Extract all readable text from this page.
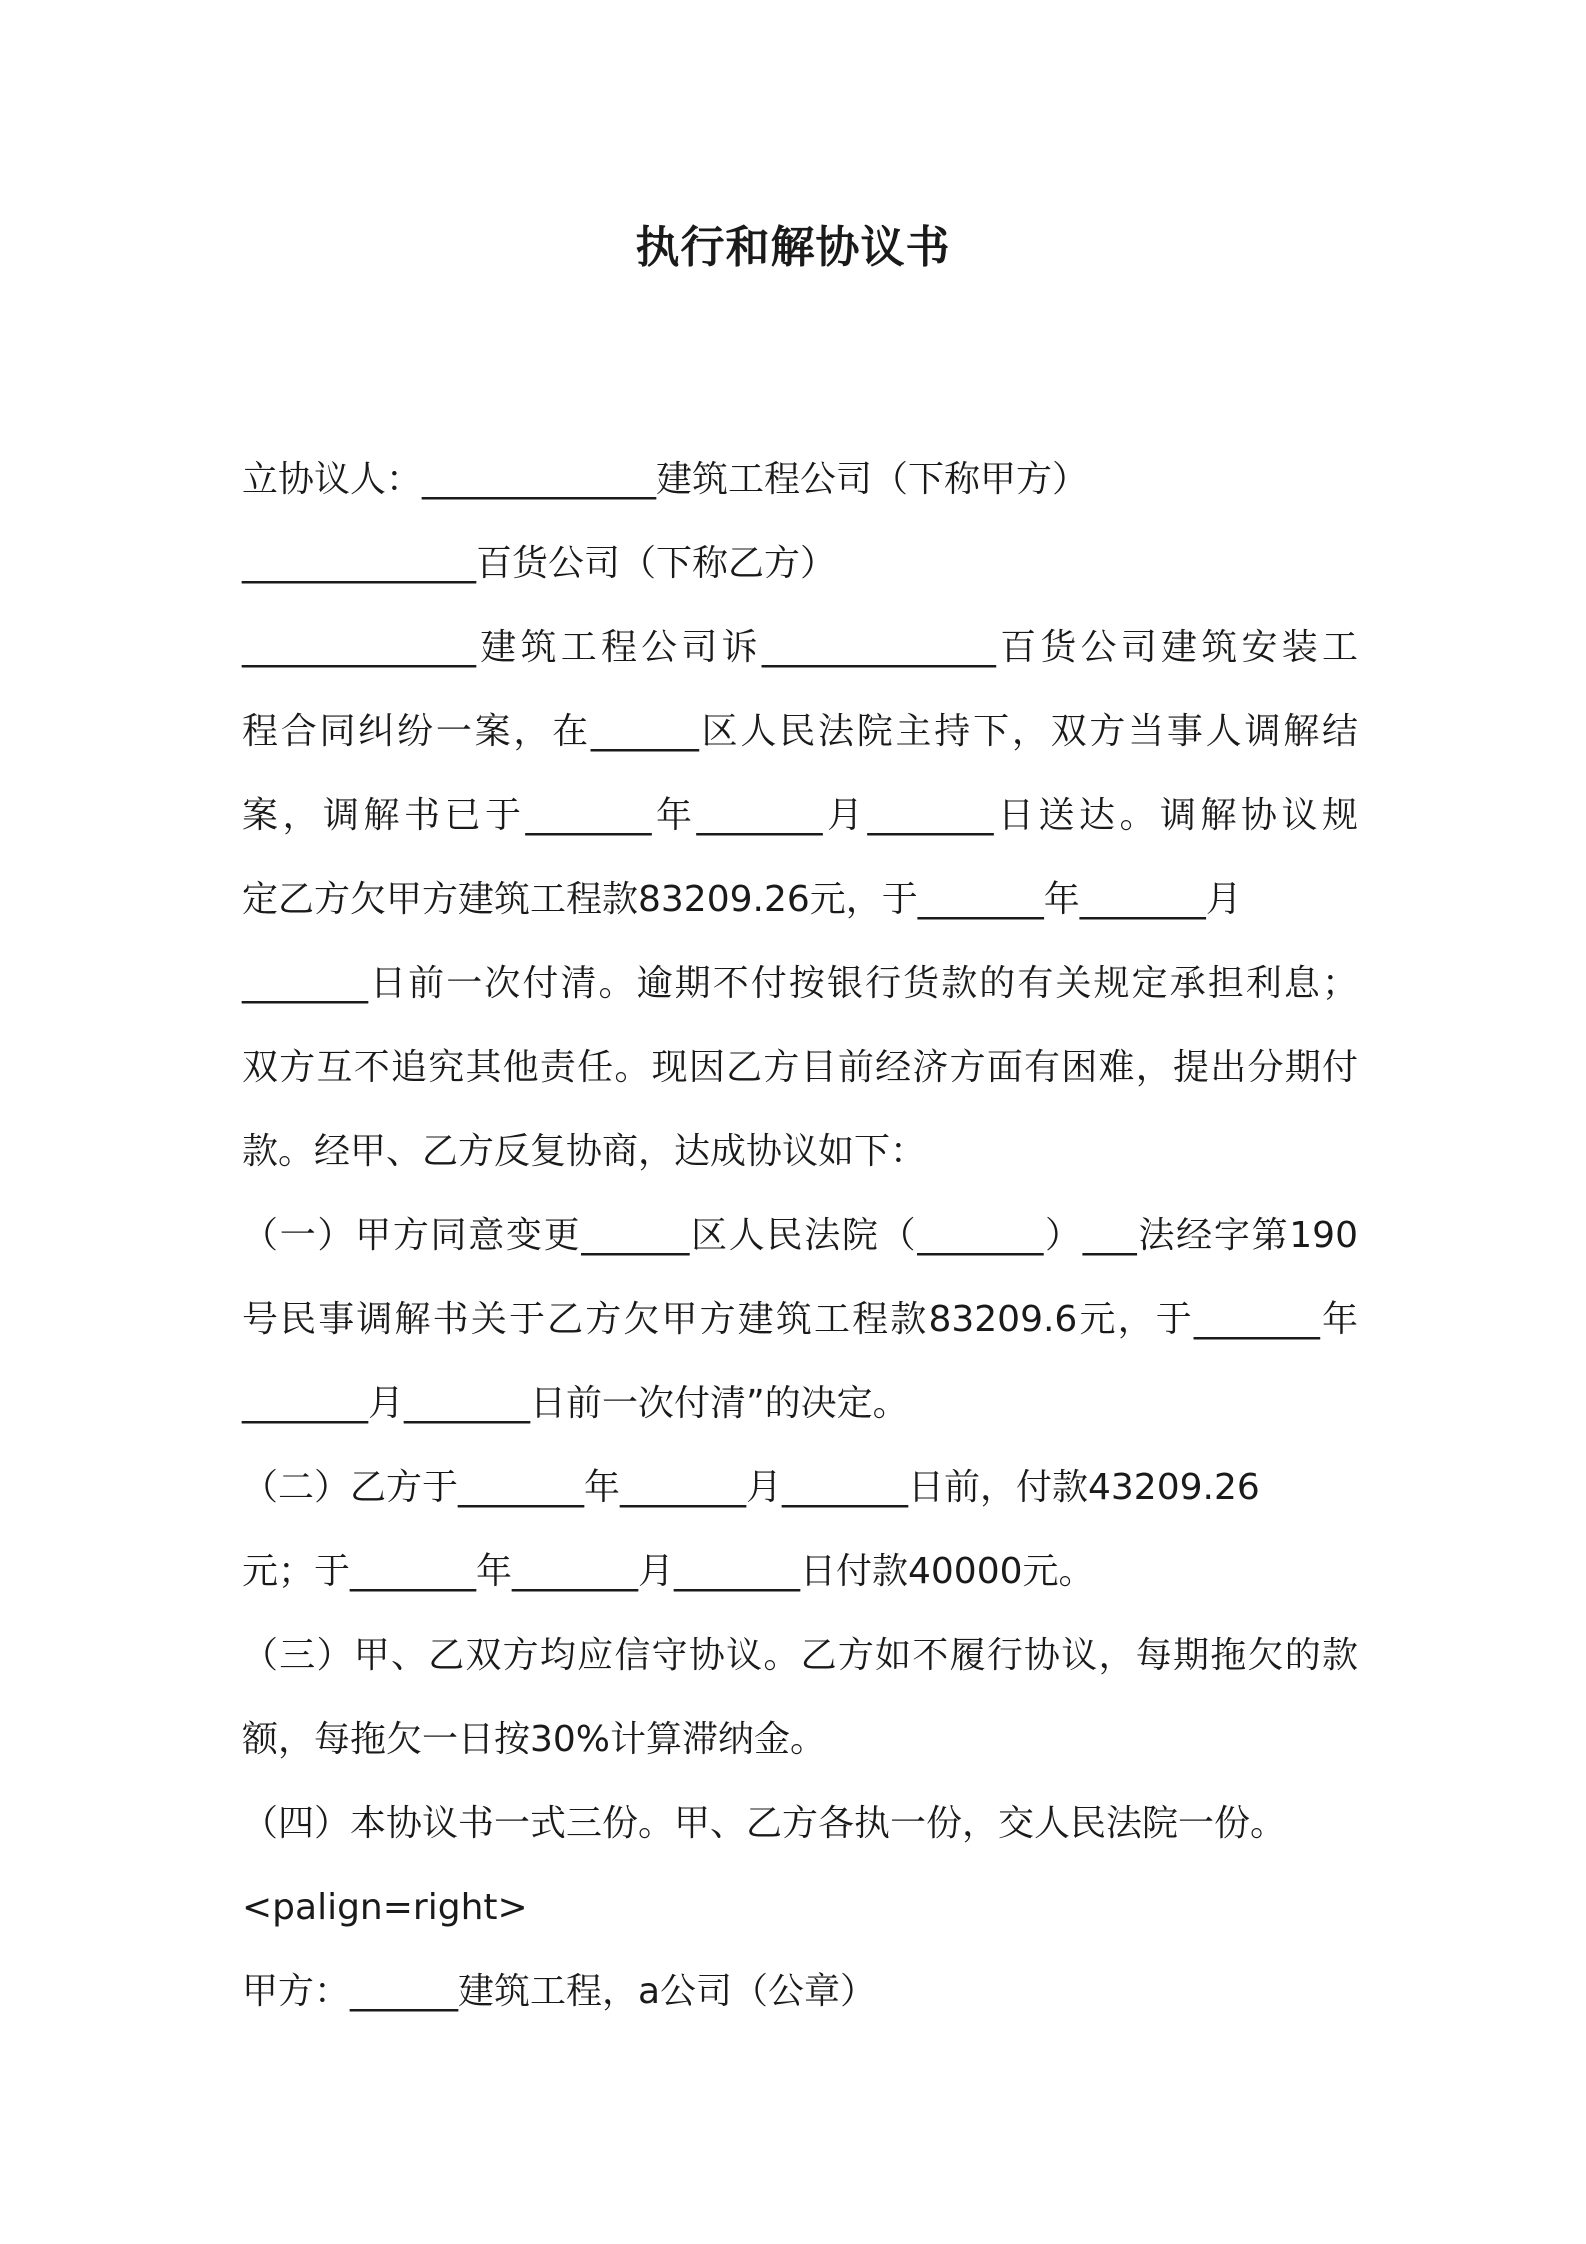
执行和解协议书
立协议人：_____________建筑工程公司（下称甲方）
_____________百货公司（下称乙方）
_____________建筑工程公司诉_____________百货公司建筑安装工
程合同纠纷一案，在______区人民法院主持下，双方当事人调解结
案，调解书已于_______年_______月_______日送达。调解协议规
定乙方欠甲方建筑工程款83209.26元，于_______年_______月
_______日前一次付清。逾期不付按银行货款的有关规定承担利息；
双方互不追究其他责任。现因乙方目前经济方面有困难，提出分期付
款。经甲、乙方反复协商，达成协议如下：
（一）甲方同意变更______区人民法院（_______）___法经字第190
号民事调解书关于乙方欠甲方建筑工程款83209.6元，于_______年
_______月_______日前一次付清”的决定。
（二）乙方于_______年_______月_______日前，付款43209.26
元；于_______年_______月_______日付款40000元。
（三）甲、乙双方均应信守协议。乙方如不履行协议，每期拖欠的款
额，每拖欠一日按30%计算滞纳金。
（四）本协议书一式三份。甲、乙方各执一份，交人民法院一份。
<palign=right>
甲方：______建筑工程，a公司（公章）
